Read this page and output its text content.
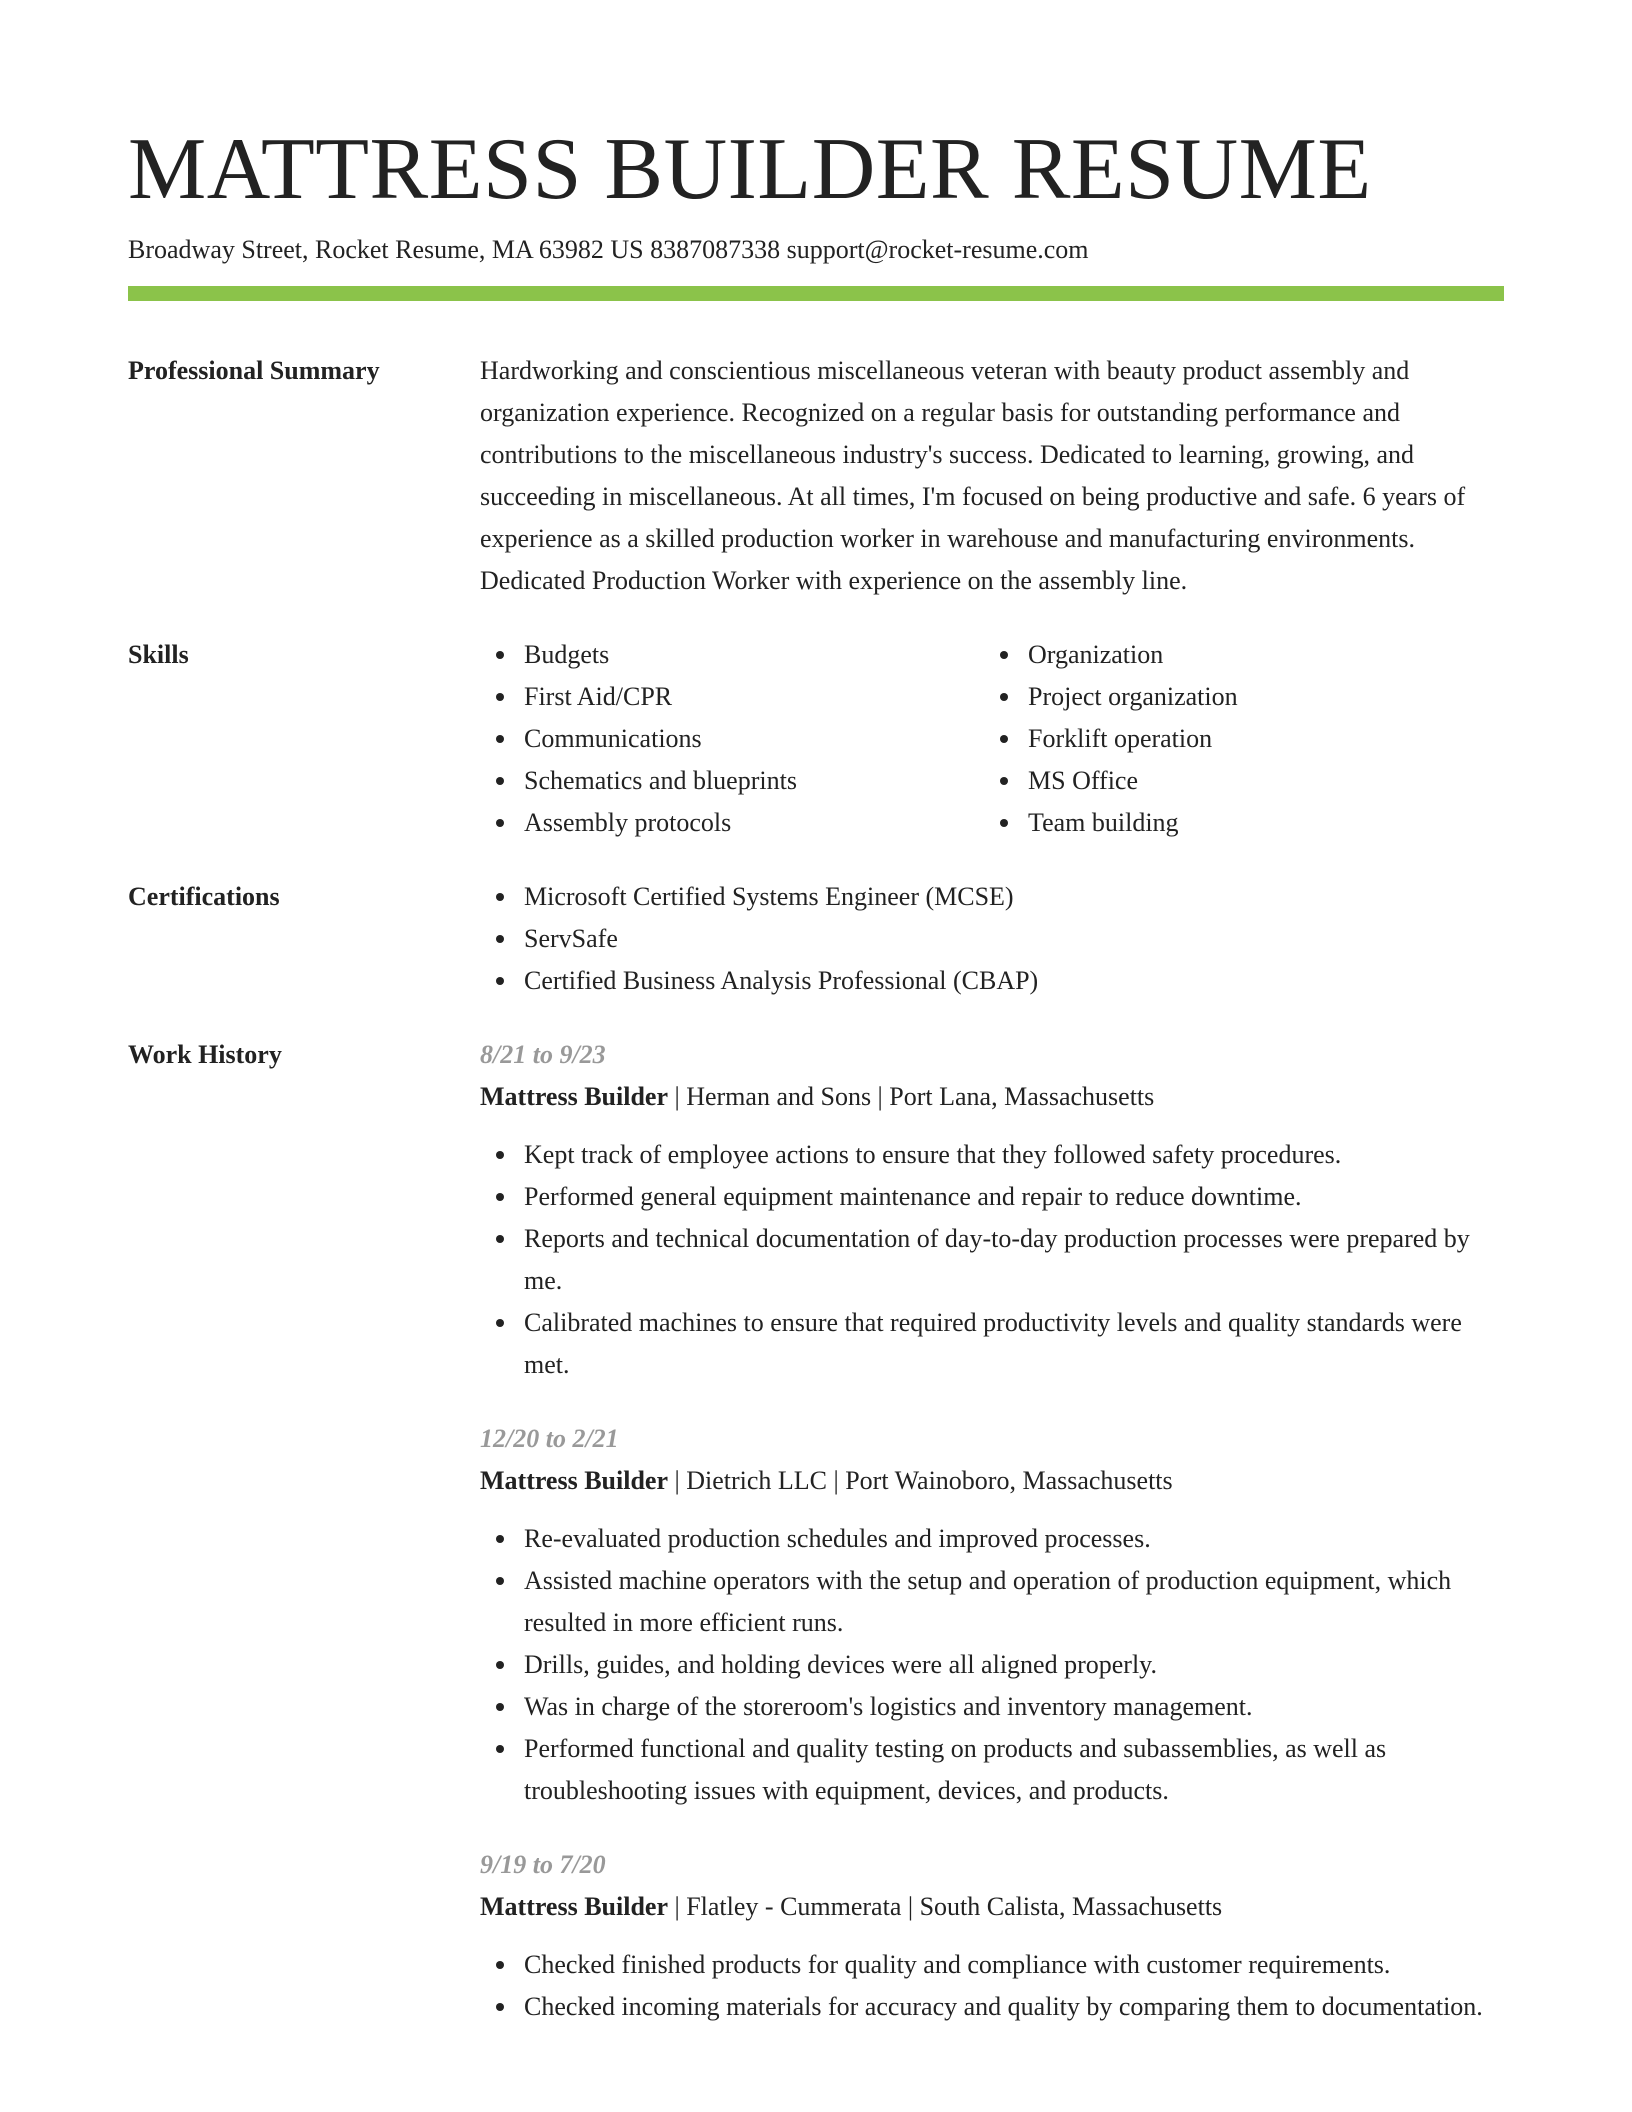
MATTRESS BUILDER RESUME
Broadway Street, Rocket Resume, MA 63982 US 8387087338 support@rocket-resume.com
Professional Summary	Hardworking and conscientious miscellaneous veteran with beauty product assembly and organization experience. Recognized on a regular basis for outstanding performance and contributions to the miscellaneous industry's success. Dedicated to learning, growing, and succeeding in miscellaneous. At all times, I'm focused on being productive and safe. 6 years of experience as a skilled production worker in warehouse and manufacturing environments. Dedicated Production Worker with experience on the assembly line.
Skills	Budgets
First Aid/CPR
Communications
Schematics and blueprints
Assembly protocols
Organization
Project organization
Forklift operation
MS Office
Team building
Certifications	Microsoft Certified Systems Engineer (MCSE)
ServSafe
Certified Business Analysis Professional (CBAP)
Work History	8/21 to 9/23
Mattress Builder | Herman and Sons | Port Lana, Massachusetts
Kept track of employee actions to ensure that they followed safety procedures.
Performed general equipment maintenance and repair to reduce downtime.
Reports and technical documentation of day-to-day production processes were prepared by me.
Calibrated machines to ensure that required productivity levels and quality standards were met.
12/20 to 2/21
Mattress Builder | Dietrich LLC | Port Wainoboro, Massachusetts
Re-evaluated production schedules and improved processes.
Assisted machine operators with the setup and operation of production equipment, which resulted in more efficient runs.
Drills, guides, and holding devices were all aligned properly.
Was in charge of the storeroom's logistics and inventory management.
Performed functional and quality testing on products and subassemblies, as well as troubleshooting issues with equipment, devices, and products.
9/19 to 7/20
Mattress Builder | Flatley - Cummerata | South Calista, Massachusetts
Checked finished products for quality and compliance with customer requirements.
Checked incoming materials for accuracy and quality by comparing them to documentation.
